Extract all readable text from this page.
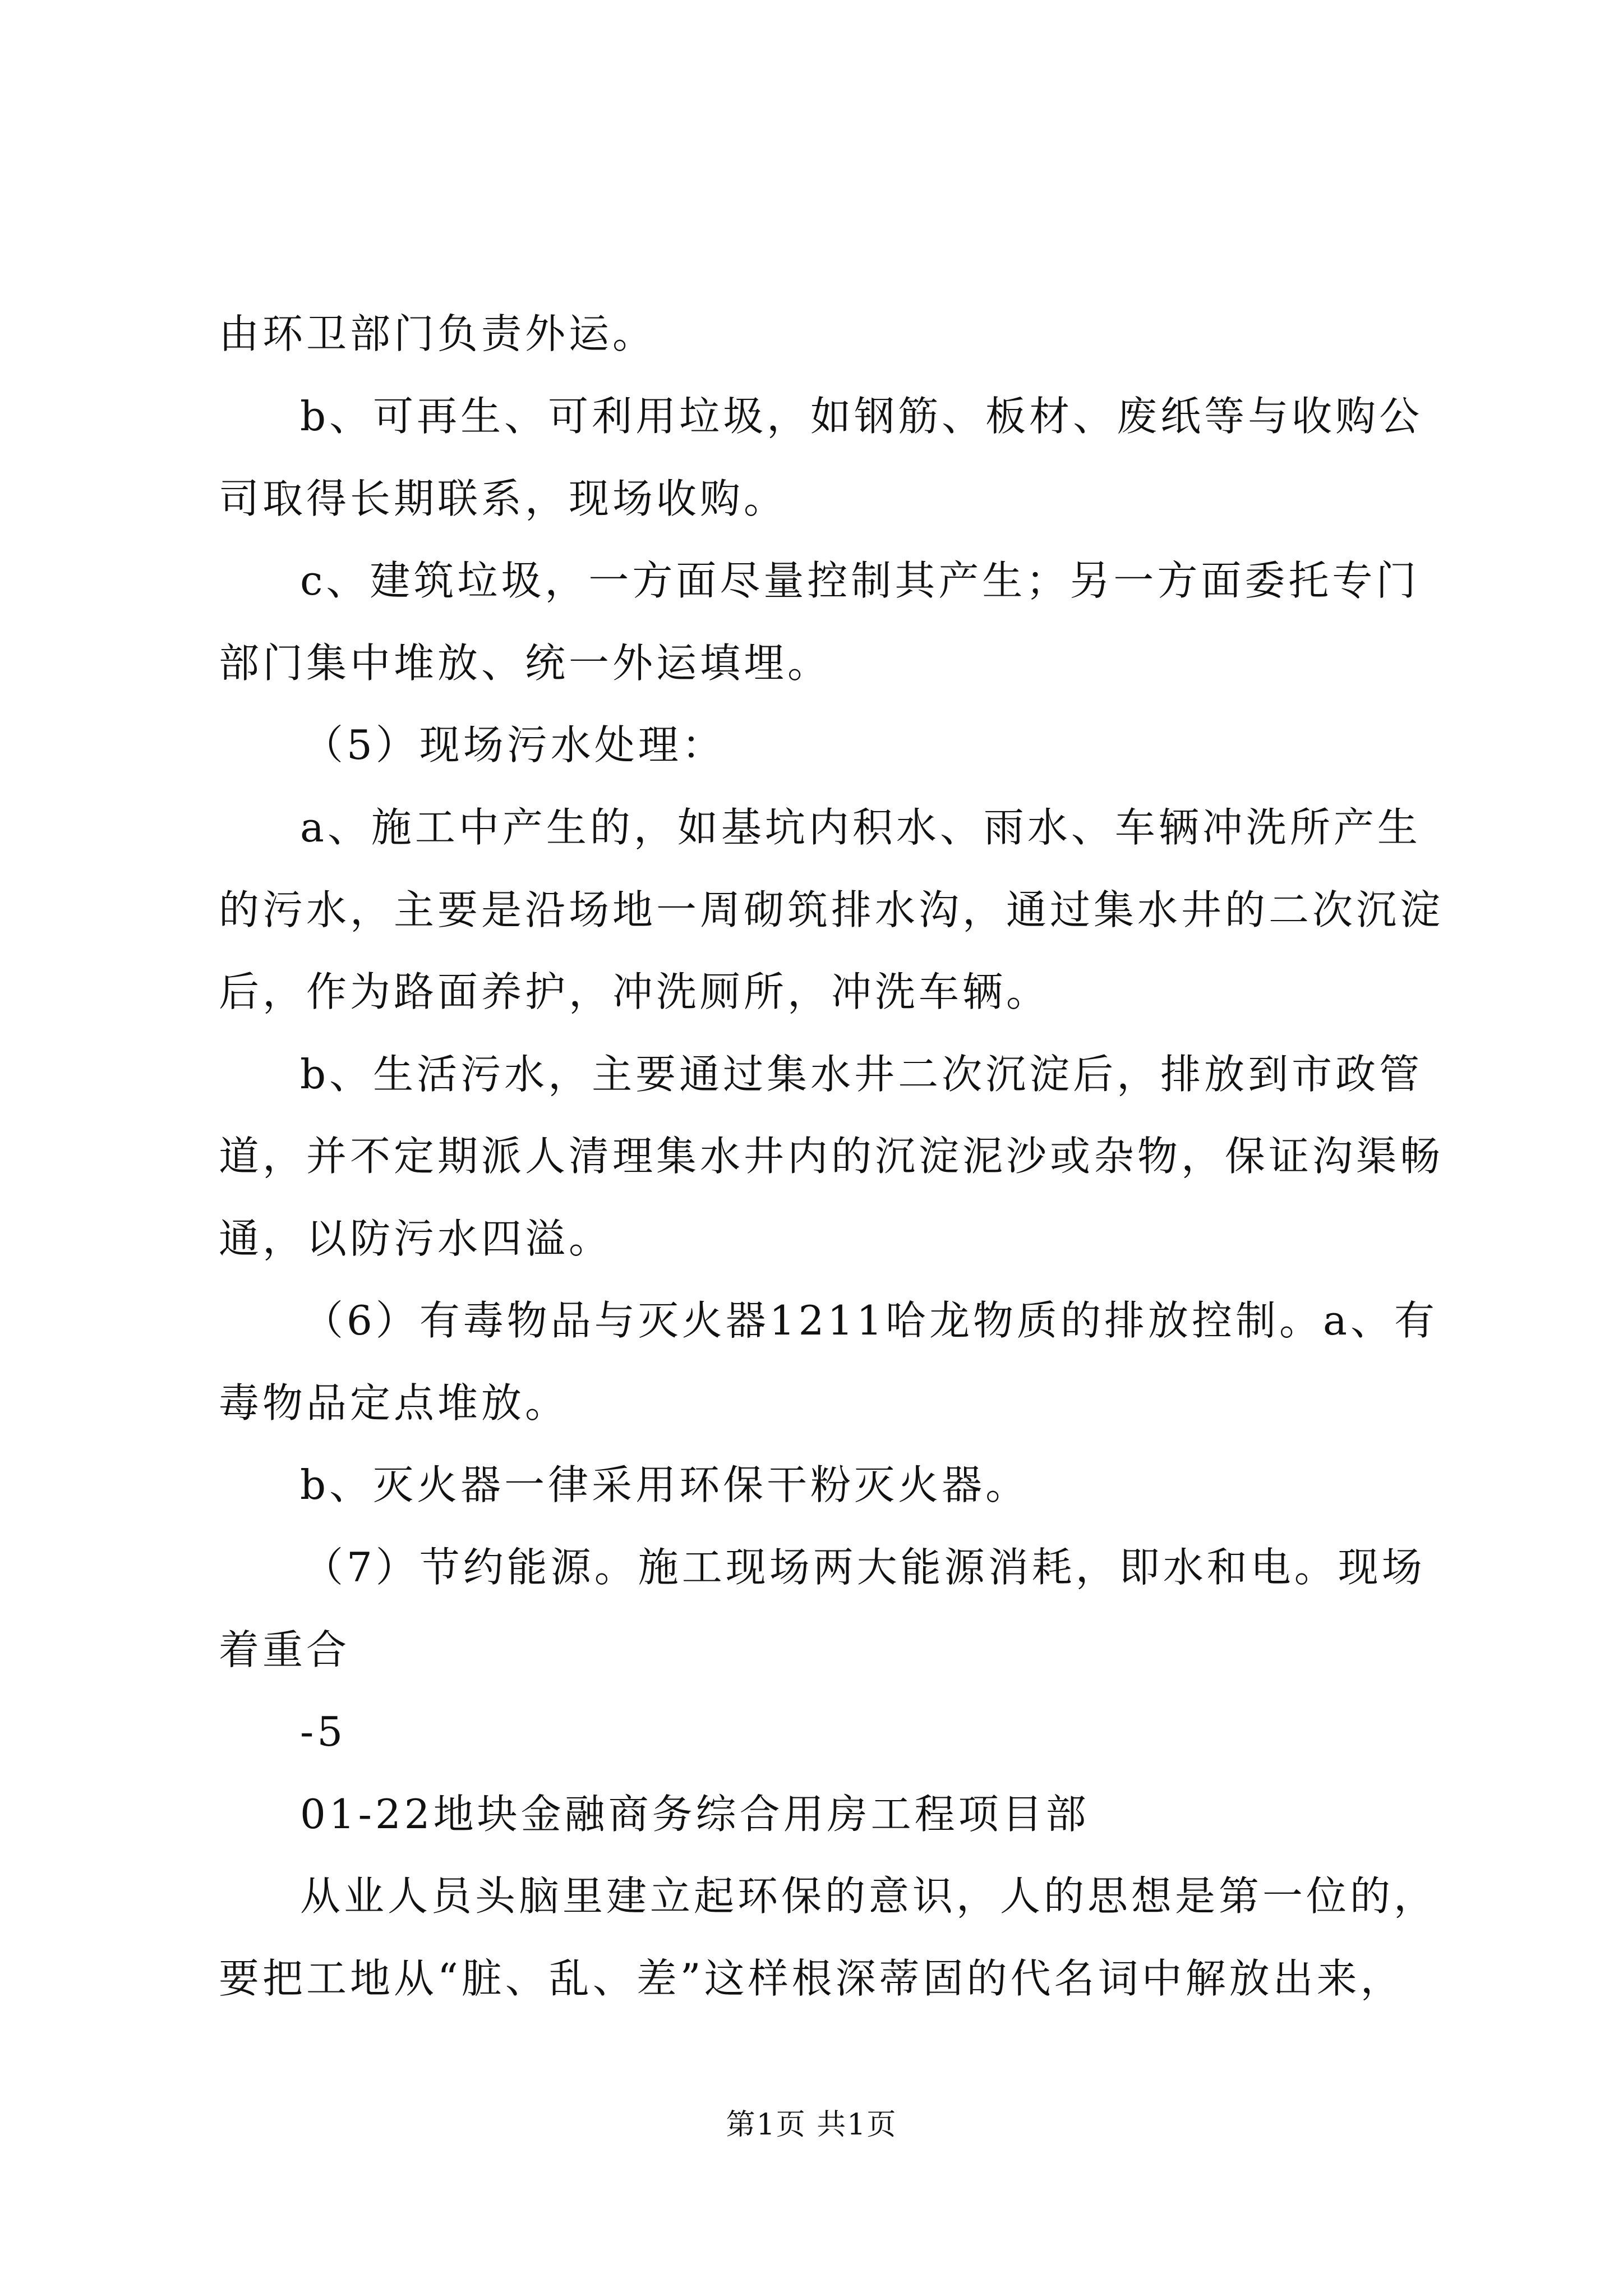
由环卫部门负责外运。
b、可再生、可利用垃圾，如钢筋、板材、废纸等与收购公
司取得长期联系，现场收购。
c、建筑垃圾，一方面尽量控制其产生；另一方面委托专门
部门集中堆放、统一外运填埋。
（5）现场污水处理：
a、施工中产生的，如基坑内积水、雨水、车辆冲洗所产生
的污水，主要是沿场地一周砌筑排水沟，通过集水井的二次沉淀
后，作为路面养护，冲洗厕所，冲洗车辆。
b、生活污水，主要通过集水井二次沉淀后，排放到市政管
道，并不定期派人清理集水井内的沉淀泥沙或杂物，保证沟渠畅
通，以防污水四溢。
（6）有毒物品与灭火器1211哈龙物质的排放控制。a、有
毒物品定点堆放。
b、灭火器一律采用环保干粉灭火器。
（7）节约能源。施工现场两大能源消耗，即水和电。现场
着重合
-5
01-22地块金融商务综合用房工程项目部
从业人员头脑里建立起环保的意识，人的思想是第一位的，
要把工地从“脏、乱、差”这样根深蒂固的代名词中解放出来，
第1页 共1页
